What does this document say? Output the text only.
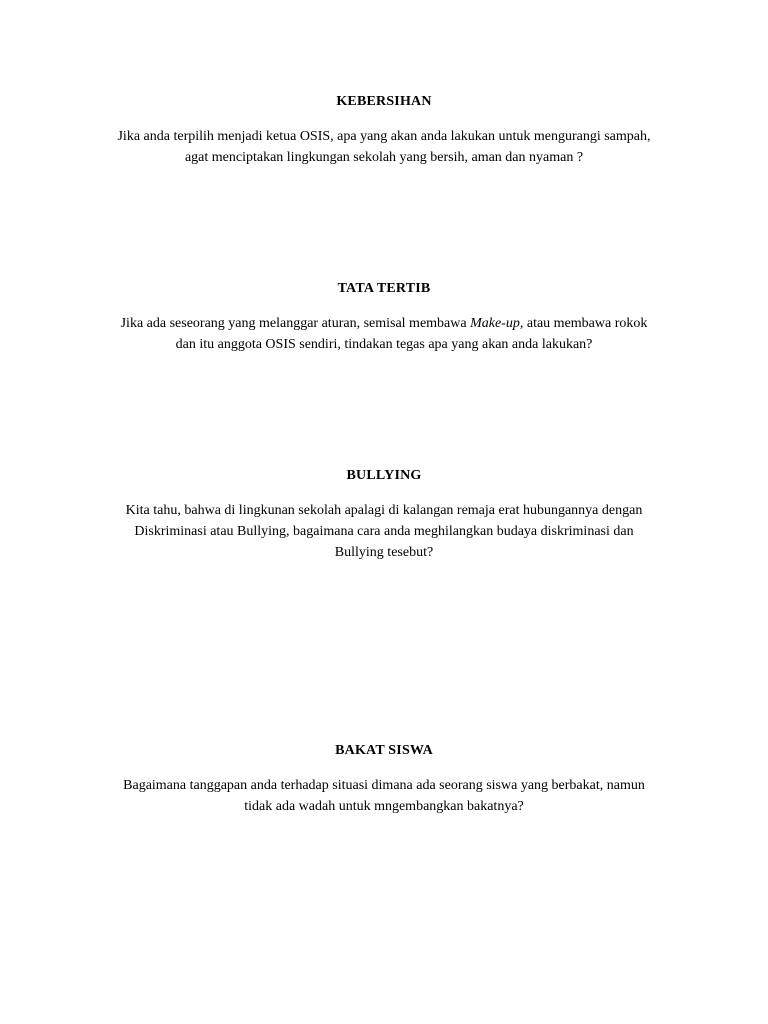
KEBERSIHAN

Jika anda terpilih menjadi ketua OSIS, apa yang akan anda lakukan untuk mengurangi sampah,
agat menciptakan lingkungan sekolah yang bersih, aman dan nyaman ?

TATA TERTIB

Jika ada seseorang yang melanggar aturan, semisal membawa Make-up, atau membawa rokok
dan itu anggota OSIS sendiri, tindakan tegas apa yang akan anda lakukan?

BULLYING

Kita tahu, bahwa di lingkunan sekolah apalagi di kalangan remaja erat hubungannya dengan
Diskriminasi atau Bullying, bagaimana cara anda meghilangkan budaya diskriminasi dan
Bullying tesebut?

BAKAT SISWA

Bagaimana tanggapan anda terhadap situasi dimana ada seorang siswa yang berbakat, namun
tidak ada wadah untuk mngembangkan bakatnya?
